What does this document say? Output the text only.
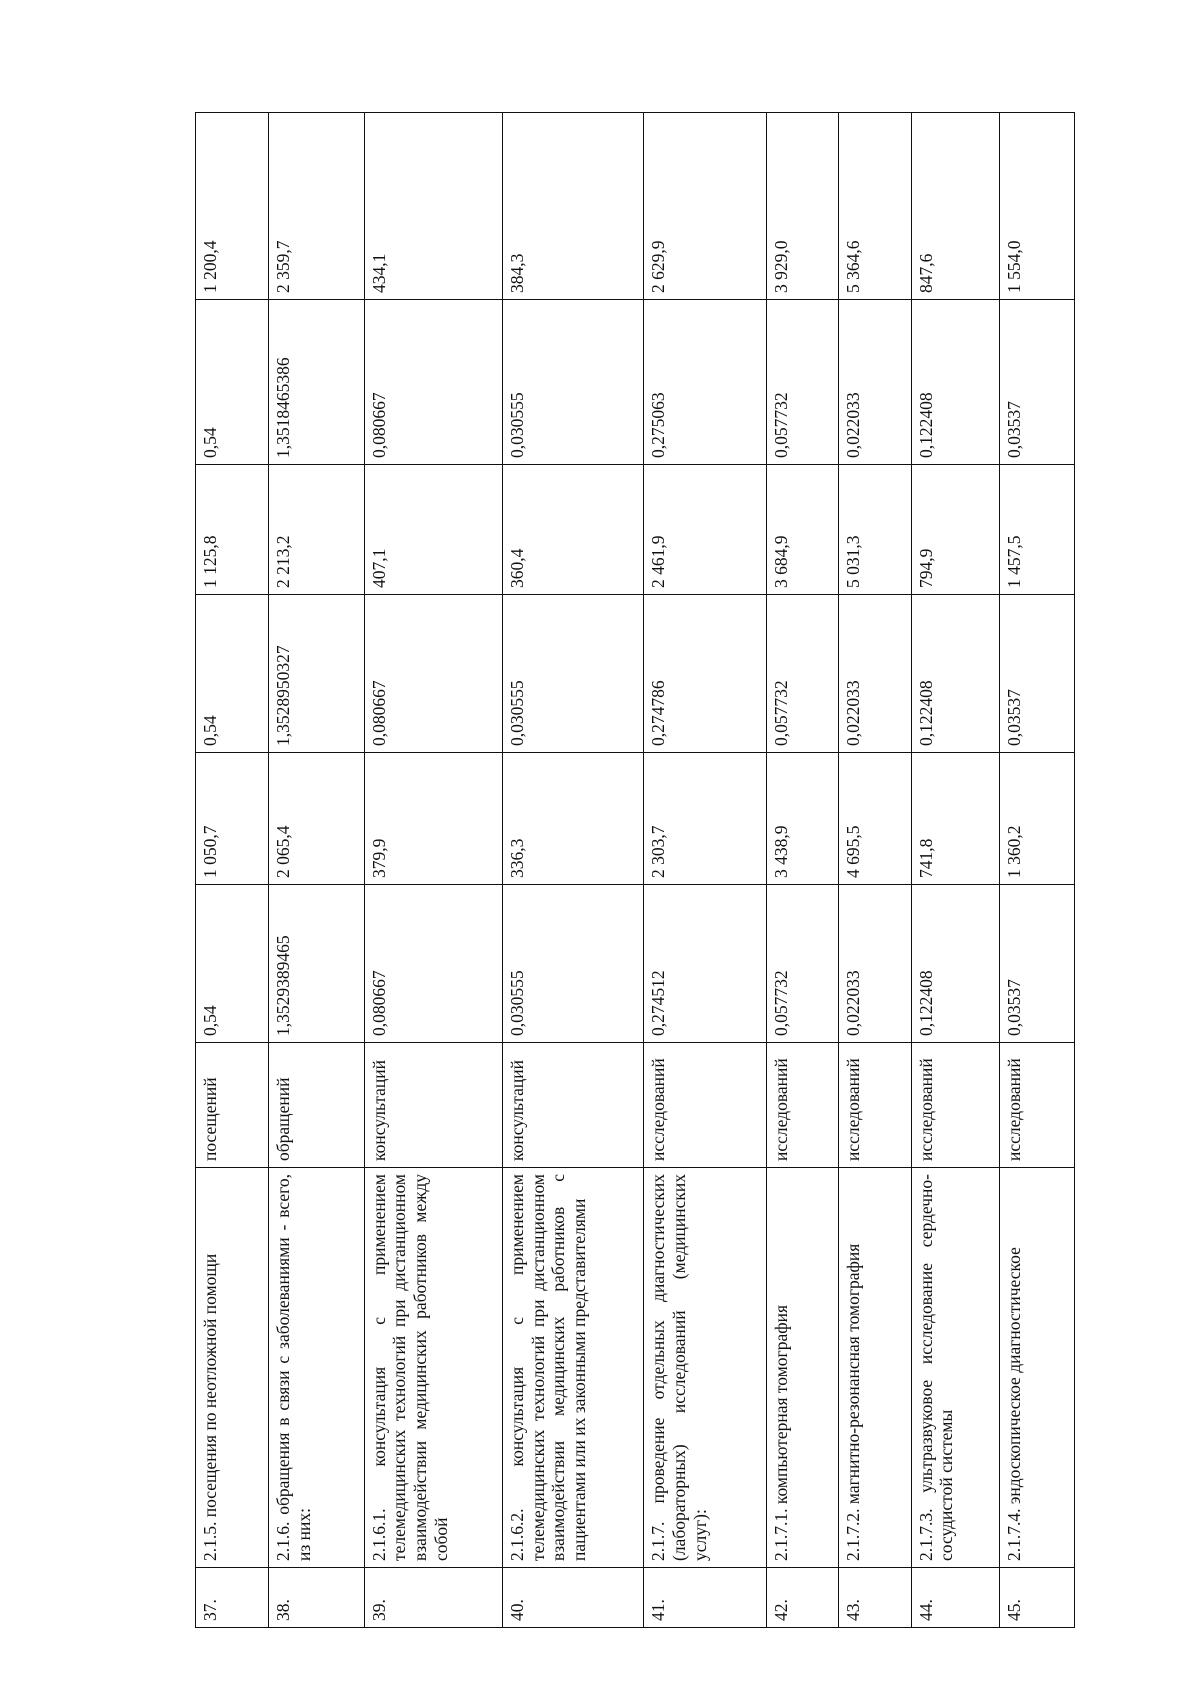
37.	2.1.5. посещения по неотложной помощи	посещений	0,54	1 050,7	0,54	1 125,8	0,54	1 200,4
38.	2.1.6. обращения в связи с заболеваниями - всего, из них:	обращений	1,3529389465	2 065,4	1,3528950327	2 213,2	1,3518465386	2 359,7
39.	2.1.6.1. консультация с применением телемедицинских технологий при дистанционном взаимодействии медицинских работников между собой	консультаций	0,080667	379,9	0,080667	407,1	0,080667	434,1
40.	2.1.6.2. консультация с применением телемедицинских технологий при дистанционном взаимодействии медицинских работников с пациентами или их законными представителями	консультаций	0,030555	336,3	0,030555	360,4	0,030555	384,3
41.	2.1.7. проведение отдельных диагностических (лабораторных) исследований (медицинских услуг):	исследований	0,274512	2 303,7	0,274786	2 461,9	0,275063	2 629,9
42.	2.1.7.1. компьютерная томография	исследований	0,057732	3 438,9	0,057732	3 684,9	0,057732	3 929,0
43.	2.1.7.2. магнитно-резонансная томография	исследований	0,022033	4 695,5	0,022033	5 031,3	0,022033	5 364,6
44.	2.1.7.3. ультразвуковое исследование сердечно-сосудистой системы	исследований	0,122408	741,8	0,122408	794,9	0,122408	847,6
45.	2.1.7.4. эндоскопическое диагностическое	исследований	0,03537	1 360,2	0,03537	1 457,5	0,03537	1 554,0
